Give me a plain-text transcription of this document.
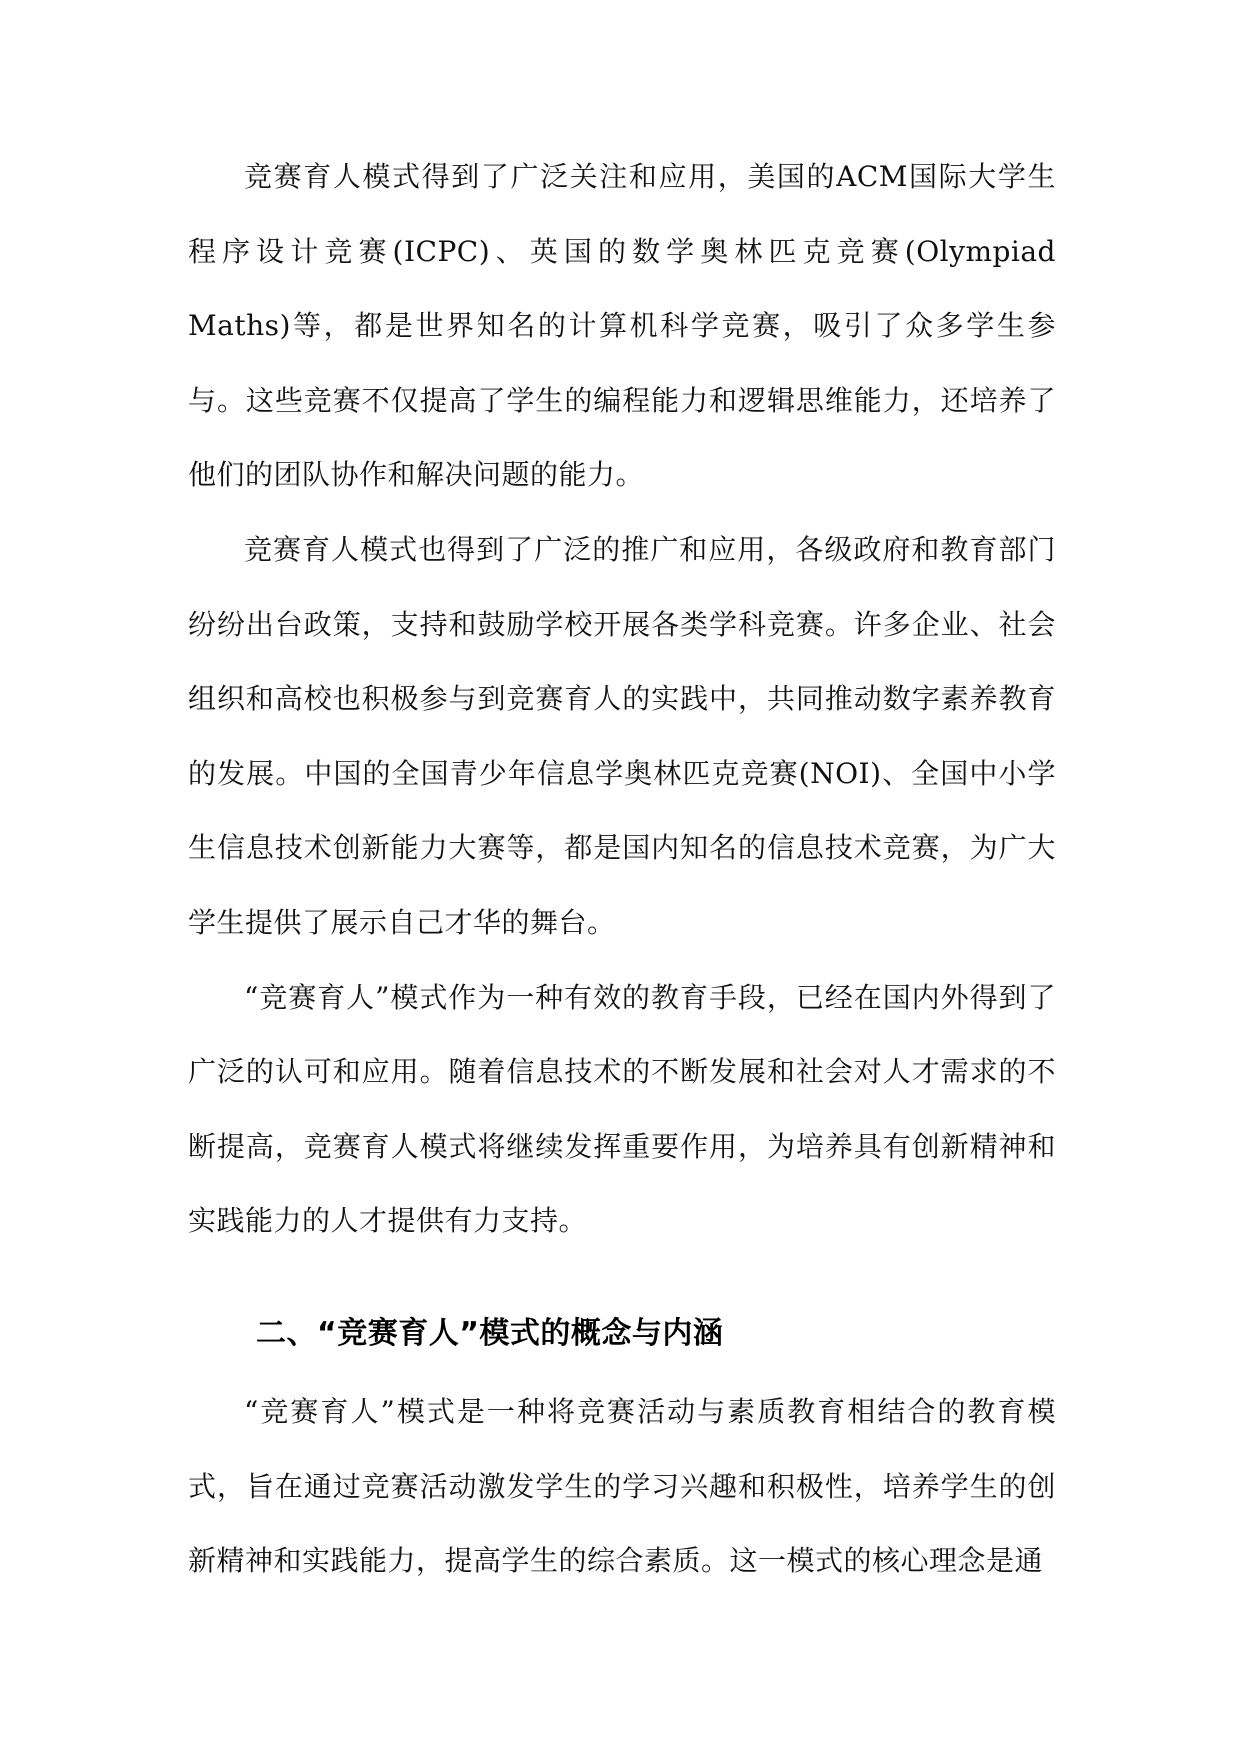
竞赛育人模式得到了广泛关注和应用，美国的ACM国际大学生程序设计竞赛(ICPC)、英国的数学奥林匹克竞赛(Olympiad Maths)等，都是世界知名的计算机科学竞赛，吸引了众多学生参与。这些竞赛不仅提高了学生的编程能力和逻辑思维能力，还培养了他们的团队协作和解决问题的能力。

竞赛育人模式也得到了广泛的推广和应用，各级政府和教育部门纷纷出台政策，支持和鼓励学校开展各类学科竞赛。许多企业、社会组织和高校也积极参与到竞赛育人的实践中，共同推动数字素养教育的发展。中国的全国青少年信息学奥林匹克竞赛(NOI)、全国中小学生信息技术创新能力大赛等，都是国内知名的信息技术竞赛，为广大学生提供了展示自己才华的舞台。

“竞赛育人”模式作为一种有效的教育手段，已经在国内外得到了广泛的认可和应用。随着信息技术的不断发展和社会对人才需求的不断提高，竞赛育人模式将继续发挥重要作用，为培养具有创新精神和实践能力的人才提供有力支持。

二、“竞赛育人”模式的概念与内涵

“竞赛育人”模式是一种将竞赛活动与素质教育相结合的教育模式，旨在通过竞赛活动激发学生的学习兴趣和积极性，培养学生的创新精神和实践能力，提高学生的综合素质。这一模式的核心理念是通
